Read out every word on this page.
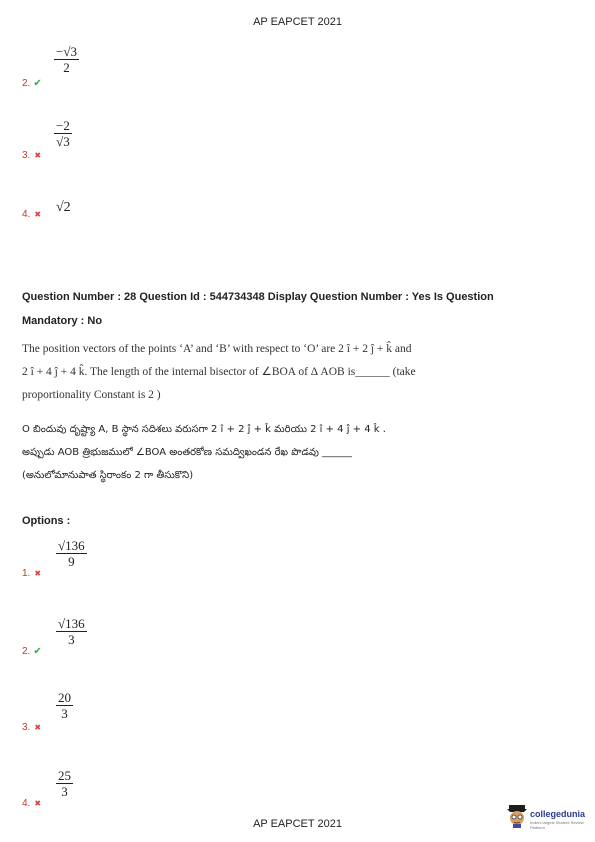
AP EAPCET 2021
$\frac{-√3}{2}$
2. ✔
$\frac{-2}{√3}$
3. ✖
4. ✖ √2
Question Number : 28 Question Id : 544734348 Display Question Number : Yes Is Question
Mandatory : No
The position vectors of the points ‘A’ and ‘B’ with respect to ‘O’ are 2 î + 2 ĵ + k̂ and
2 î + 4 ĵ + 4 k̂. The length of the internal bisector of ∠BOA of Δ AOB is______ (take
proportionality Constant is 2 )
O బిందువు దృష్ట్యా A, B స్థాన సదిశలు వరుసగా 2 î + 2 ĵ + k̂ మరియు 2 î + 4 ĵ + 4 k̂ .
అప్పుడు AOB త్రిభుజములో ∠BOA అంతరకోణ సమద్విఖండన రేఖ పొడవు ______
(అనులోమానుపాత స్థిరాంకం 2 గా తీసుకొని)
Options :
$\frac{√136}{9}$
1. ✖
$\frac{√136}{3}$
2. ✔
$\frac{20}{3}$
3. ✖
$\frac{25}{3}$
4. ✖
AP EAPCET 2021
collegedunia
India's largest Student Review Platform
